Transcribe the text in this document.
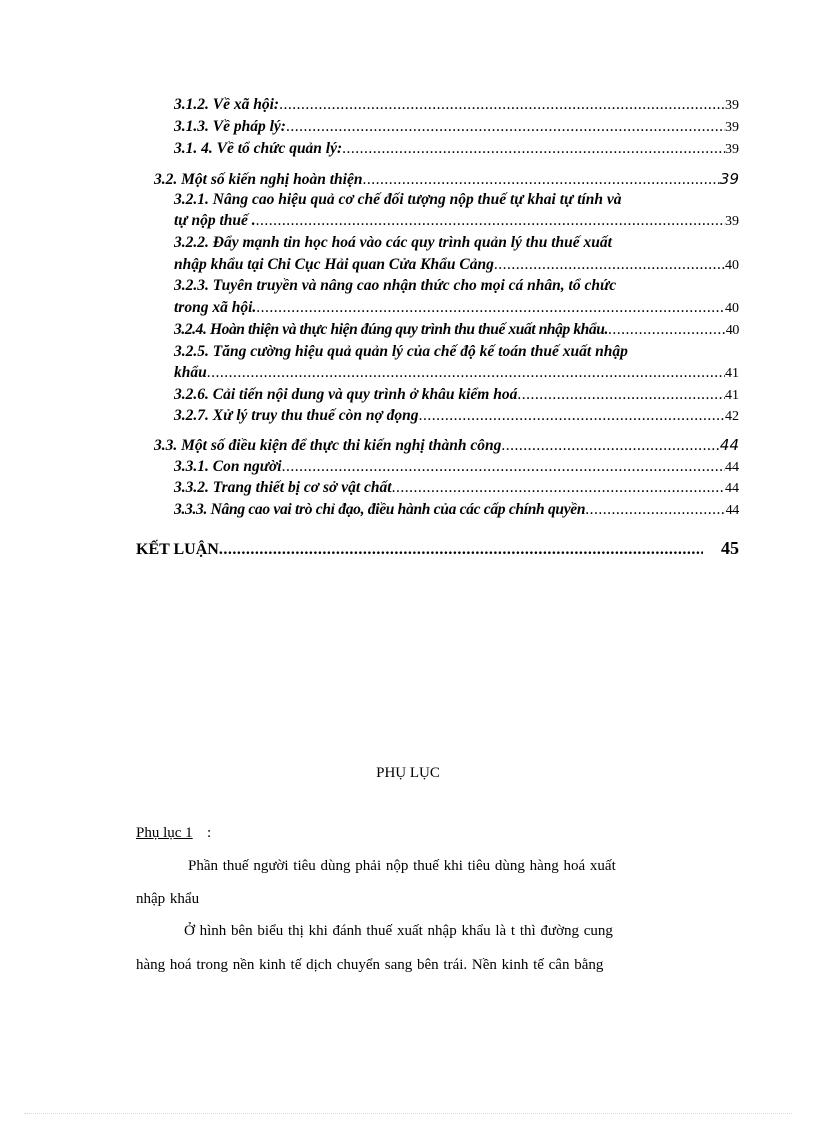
3.1.2. Về xã hội: .....	39
3.1.3. Về pháp lý: .....	39
3.1. 4. Về tổ chức quản lý: .....	39
3.2. Một số kiến nghị hoàn thiện .....	39
3.2.1. Nâng cao hiệu quả cơ chế đối tượng nộp thuế tự khai tự tính và
tự nộp thuế . .....	39
3.2.2. Đẩy mạnh tin học hoá vào các quy trình quản lý thu thuế xuất
nhập khẩu tại Chi Cục Hải quan Cửa Khẩu Cảng .....	40
3.2.3. Tuyên truyền và nâng cao nhận thức cho mọi cá nhân, tổ chức
trong xã hội. .....	40
3.2.4. Hoàn thiện và thực hiện đúng quy trình thu thuế xuất nhập khẩu. .....	40
3.2.5. Tăng cường hiệu quả quản lý của chế độ kế toán thuế xuất nhập
khẩu .....	41
3.2.6. Cải tiến nội dung và quy trình ở khâu kiểm hoá .....	41
3.2.7. Xử lý truy thu thuế còn nợ đọng .....	42
3.3. Một số điều kiện để thực thi kiến nghị thành công .....	44
3.3.1. Con người .....	44
3.3.2. Trang thiết bị cơ sở vật chất .....	44
3.3.3. Nâng cao vai trò chỉ đạo, điều hành của các cấp chính quyền .....	44
KẾT LUẬN .....	45
PHỤ LỤC
Phụ lục 1 :
Phần thuế người tiêu dùng phải nộp thuế khi tiêu dùng hàng hoá xuất
nhập khẩu
Ở hình bên biểu thị khi đánh thuế xuất nhập khẩu là t thì đường cung
hàng hoá trong nền kinh tế dịch chuyển sang bên trái. Nền kinh tế cân bằng
